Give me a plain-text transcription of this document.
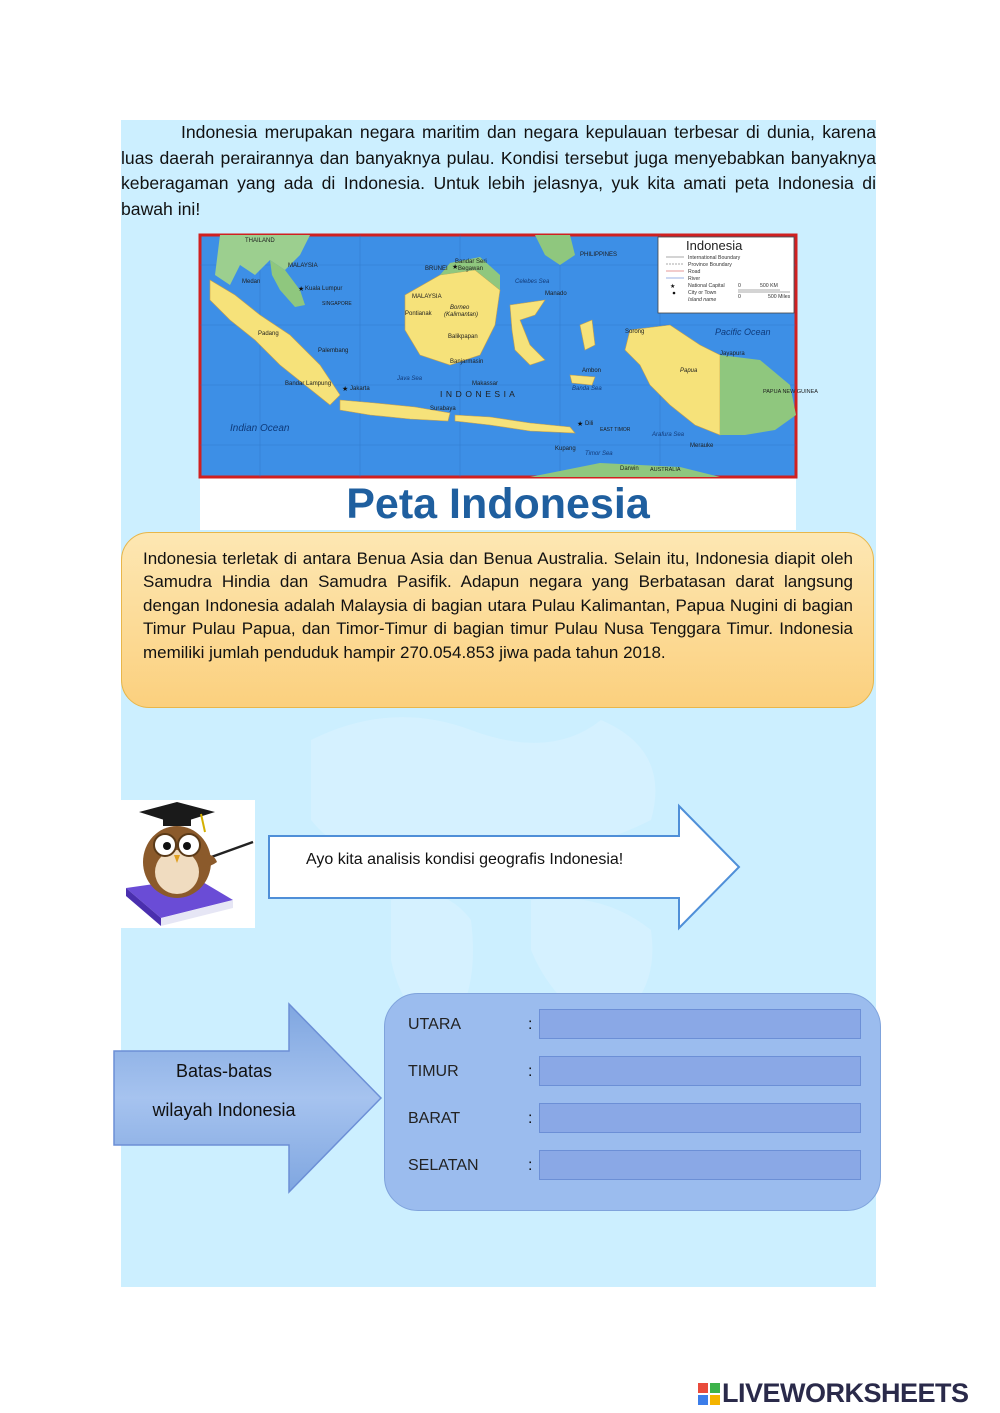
Indonesia merupakan negara maritim dan negara kepulauan terbesar di dunia, karena luas daerah perairannya dan banyaknya pulau. Kondisi tersebut juga menyebabkan banyaknya keberagaman yang ada di Indonesia. Untuk lebih jelasnya, yuk kita amati peta Indonesia di bawah ini!

Indonesia
International Boundary
Province Boundary
Road
River
National Capital
City or Town
Island name
0	500 KM
0	500 Miles
★
I N D O N E S I A
MALAYSIA
MALAYSIA
THAILAND
PHILIPPINES
BRUNEI
Bandar Seri
Begawan
Kuala Lumpur
SINGAPORE
Celebes Sea
Pacific Ocean
Indian Ocean
Java Sea
Banda Sea
Arafura Sea
Timor Sea
PAPUA NEW GUINEA
EAST TIMOR
AUSTRALIA
Jakarta
Dili
Jayapura
Makassar
Medan
Padang
Pontianak
Balikpapan
Manado
Ambon
Kupang
Surabaya
Bandar Lampung
Palembang
Banjarmasin
Sorong
Merauke
Darwin
Papua
Borneo
(Kalimantan)
★
★
★
★
Peta Indonesia
Indonesia terletak di antara Benua Asia dan Benua Australia. Selain itu, Indonesia diapit oleh Samudra Hindia dan Samudra Pasifik. Adapun negara yang Berbatasan darat langsung dengan Indonesia adalah Malaysia di bagian utara Pulau Kalimantan, Papua Nugini di bagian Timur Pulau Papua, dan Timor-Timur di bagian timur Pulau Nusa Tenggara Timur. Indonesia memiliki jumlah penduduk hampir 270.054.853 jiwa pada tahun 2018.
Ayo kita analisis kondisi geografis Indonesia!
Batas-batas
wilayah Indonesia
UTARA	:
TIMUR	:
BARAT	:
SELATAN	:
LIVEWORKSHEETS
